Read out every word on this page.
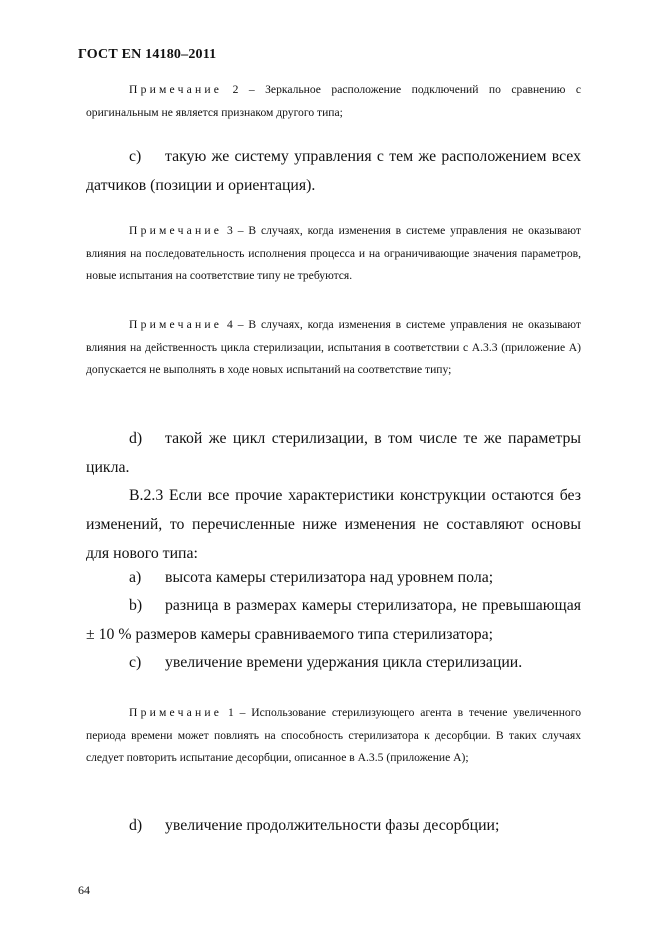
ГОСТ EN 14180–2011
Примечание 2 – Зеркальное расположение подключений по сравнению с оригинальным не является признаком другого типа;
c) такую же систему управления с тем же расположением всех датчиков (позиции и ориентация).
Примечание 3 – В случаях, когда изменения в системе управления не оказывают влияния на последовательность исполнения процесса и на ограничивающие значения параметров, новые испытания на соответствие типу не требуются.
Примечание 4 – В случаях, когда изменения в системе управления не оказывают влияния на действенность цикла стерилизации, испытания в соответствии с А.3.3 (приложение А) допускается не выполнять в ходе новых испытаний на соответствие типу;
d) такой же цикл стерилизации, в том числе те же параметры цикла.
В.2.3 Если все прочие характеристики конструкции остаются без изменений, то перечисленные ниже изменения не составляют основы для нового типа:
a) высота камеры стерилизатора над уровнем пола;
b) разница в размерах камеры стерилизатора, не превышающая ± 10 % размеров камеры сравниваемого типа стерилизатора;
c) увеличение времени удержания цикла стерилизации.
Примечание 1 – Использование стерилизующего агента в течение увеличенного периода времени может повлиять на способность стерилизатора к десорбции. В таких случаях следует повторить испытание десорбции, описанное в А.3.5 (приложение А);
d) увеличение продолжительности фазы десорбции;
64
